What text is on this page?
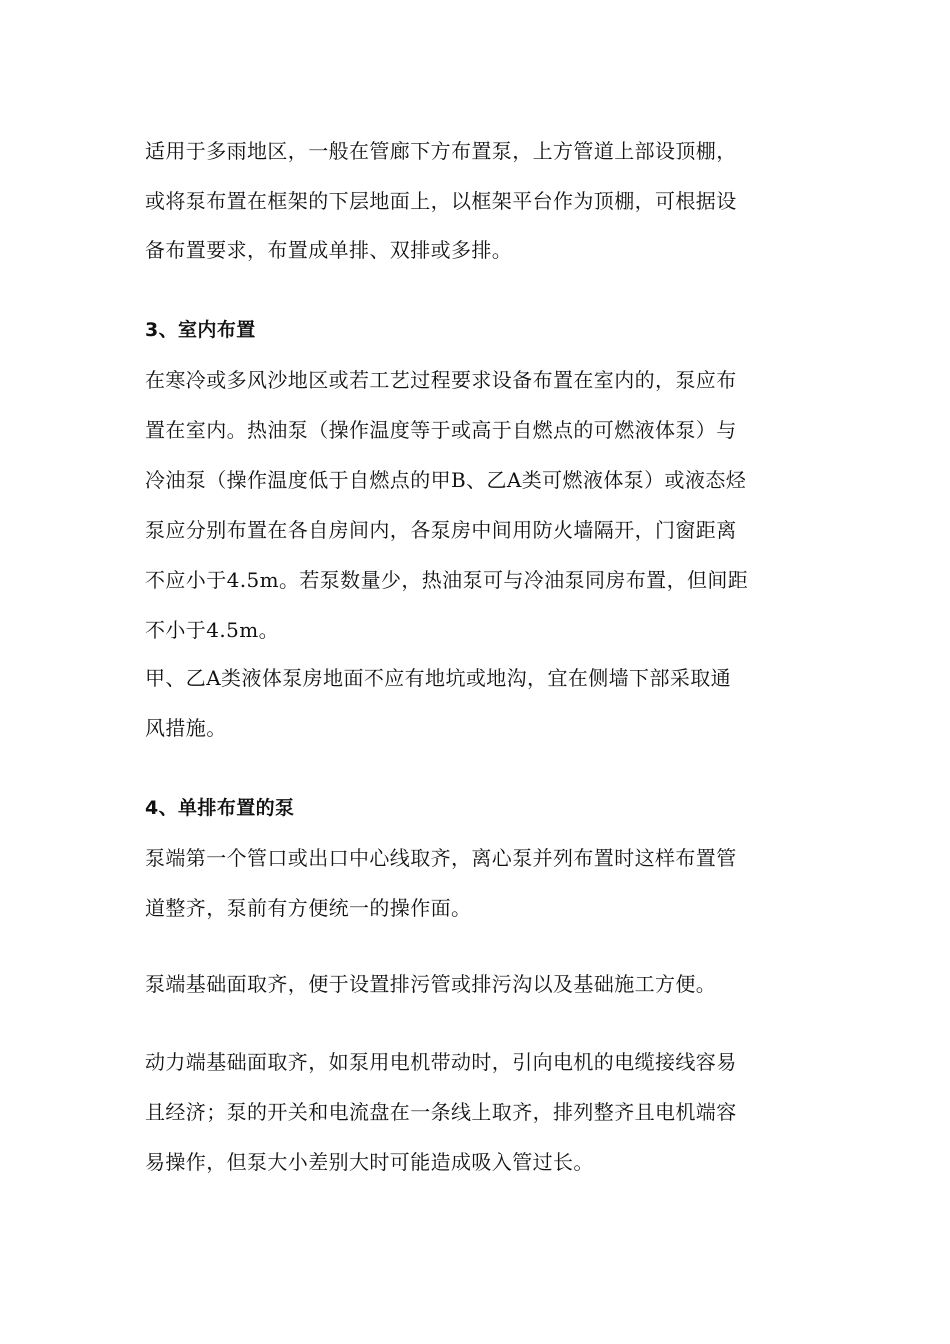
适用于多雨地区，一般在管廊下方布置泵，上方管道上部设顶棚，

或将泵布置在框架的下层地面上，以框架平台作为顶棚，可根据设

备布置要求，布置成单排、双排或多排。

3、室内布置

在寒冷或多风沙地区或若工艺过程要求设备布置在室内的，泵应布

置在室内。热油泵（操作温度等于或高于自燃点的可燃液体泵）与

冷油泵（操作温度低于自燃点的甲B、乙A类可燃液体泵）或液态烃

泵应分别布置在各自房间内，各泵房中间用防火墙隔开，门窗距离

不应小于4.5m。若泵数量少，热油泵可与冷油泵同房布置，但间距

不小于4.5m。

甲、乙A类液体泵房地面不应有地坑或地沟，宜在侧墙下部采取通

风措施。

4、单排布置的泵

泵端第一个管口或出口中心线取齐，离心泵并列布置时这样布置管

道整齐，泵前有方便统一的操作面。

泵端基础面取齐，便于设置排污管或排污沟以及基础施工方便。

动力端基础面取齐，如泵用电机带动时，引向电机的电缆接线容易

且经济；泵的开关和电流盘在一条线上取齐，排列整齐且电机端容

易操作，但泵大小差别大时可能造成吸入管过长。
